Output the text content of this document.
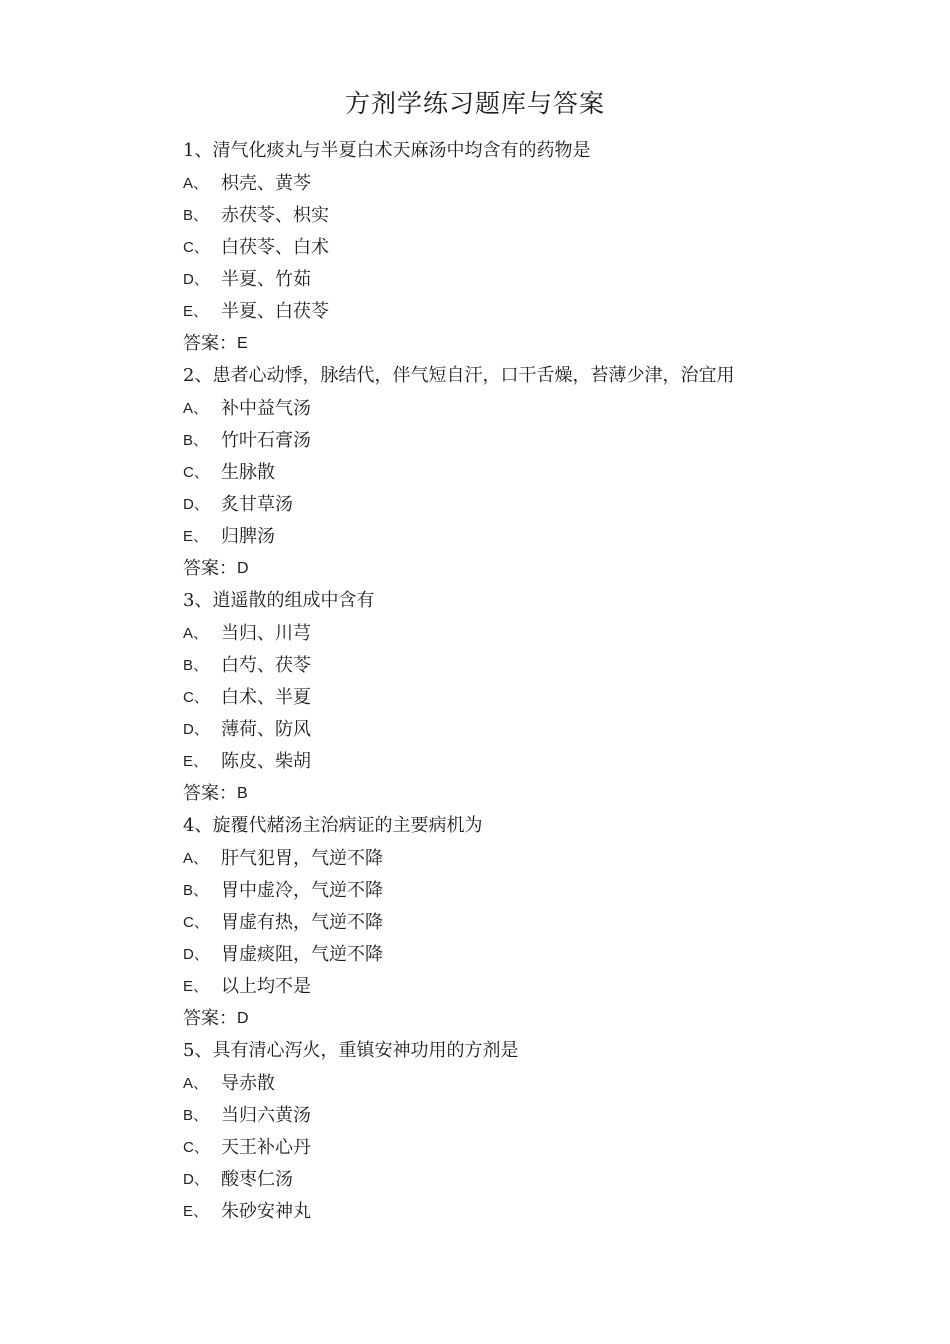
方剂学练习题库与答案
1、清气化痰丸与半夏白术天麻汤中均含有的药物是
A、 枳壳、黄芩
B、 赤茯苓、枳实
C、 白茯苓、白术
D、 半夏、竹茹
E、 半夏、白茯苓
答案： E
2、患者心动悸，脉结代，伴气短自汗，口干舌燥，苔薄少津，治宜用
A、 补中益气汤
B、 竹叶石膏汤
C、 生脉散
D、 炙甘草汤
E、 归脾汤
答案： D
3、逍遥散的组成中含有
A、 当归、川芎
B、 白芍、茯苓
C、 白术、半夏
D、 薄荷、防风
E、 陈皮、柴胡
答案： B
4、旋覆代赭汤主治病证的主要病机为
A、 肝气犯胃，气逆不降
B、 胃中虚冷，气逆不降
C、 胃虚有热，气逆不降
D、 胃虚痰阻，气逆不降
E、 以上均不是
答案： D
5、具有清心泻火，重镇安神功用的方剂是
A、 导赤散
B、 当归六黄汤
C、 天王补心丹
D、 酸枣仁汤
E、 朱砂安神丸
